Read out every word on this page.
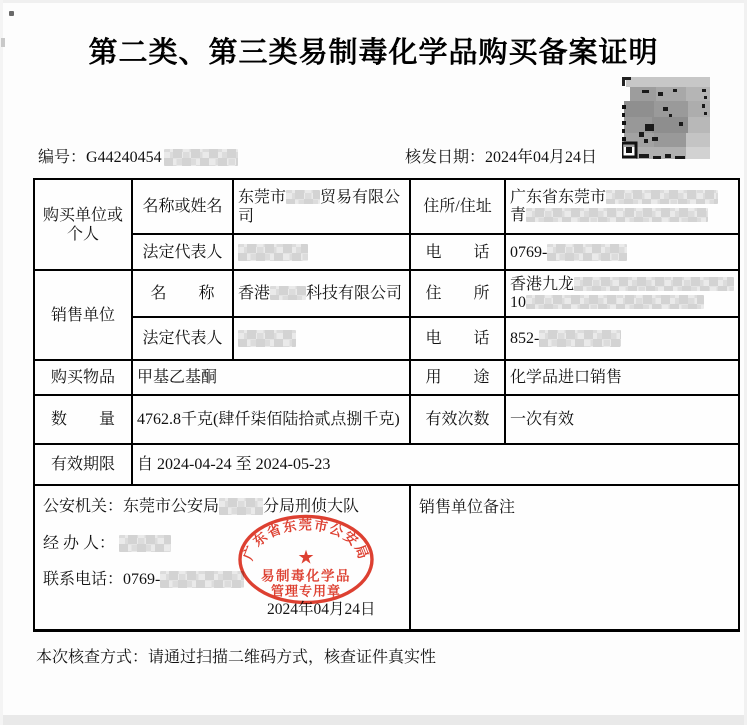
第二类、第三类易制毒化学品购买备案证明
编号：G44240454	核发日期：2024年04月24日
购买单位或个人	名称或姓名	东莞市 贸易有限公司	住所/住址	广东省东莞市
青

	法定代表人		电　　话	0769-
销售单位	名　　称	香港 科技有限公司	住　　所	香港九龙
10

	法定代表人		电　　话	852-
购买物品	甲基乙基酮		用　　途	化学品进口销售
数　　量	4762.8千克(肆仟柒佰陆拾贰点捌千克)		有效次数	一次有效
有效期限	自 2024-04-24 至 2024-05-23			

公安机关：东莞市公安局 分局刑侦大队
经 办 人：
联系电话：0769-			销售单位备注	
广东省东莞市公安局
★
易制毒化学品
管理专用章
2024年04月24日
本次核查方式：请通过扫描二维码方式，核查证件真实性
